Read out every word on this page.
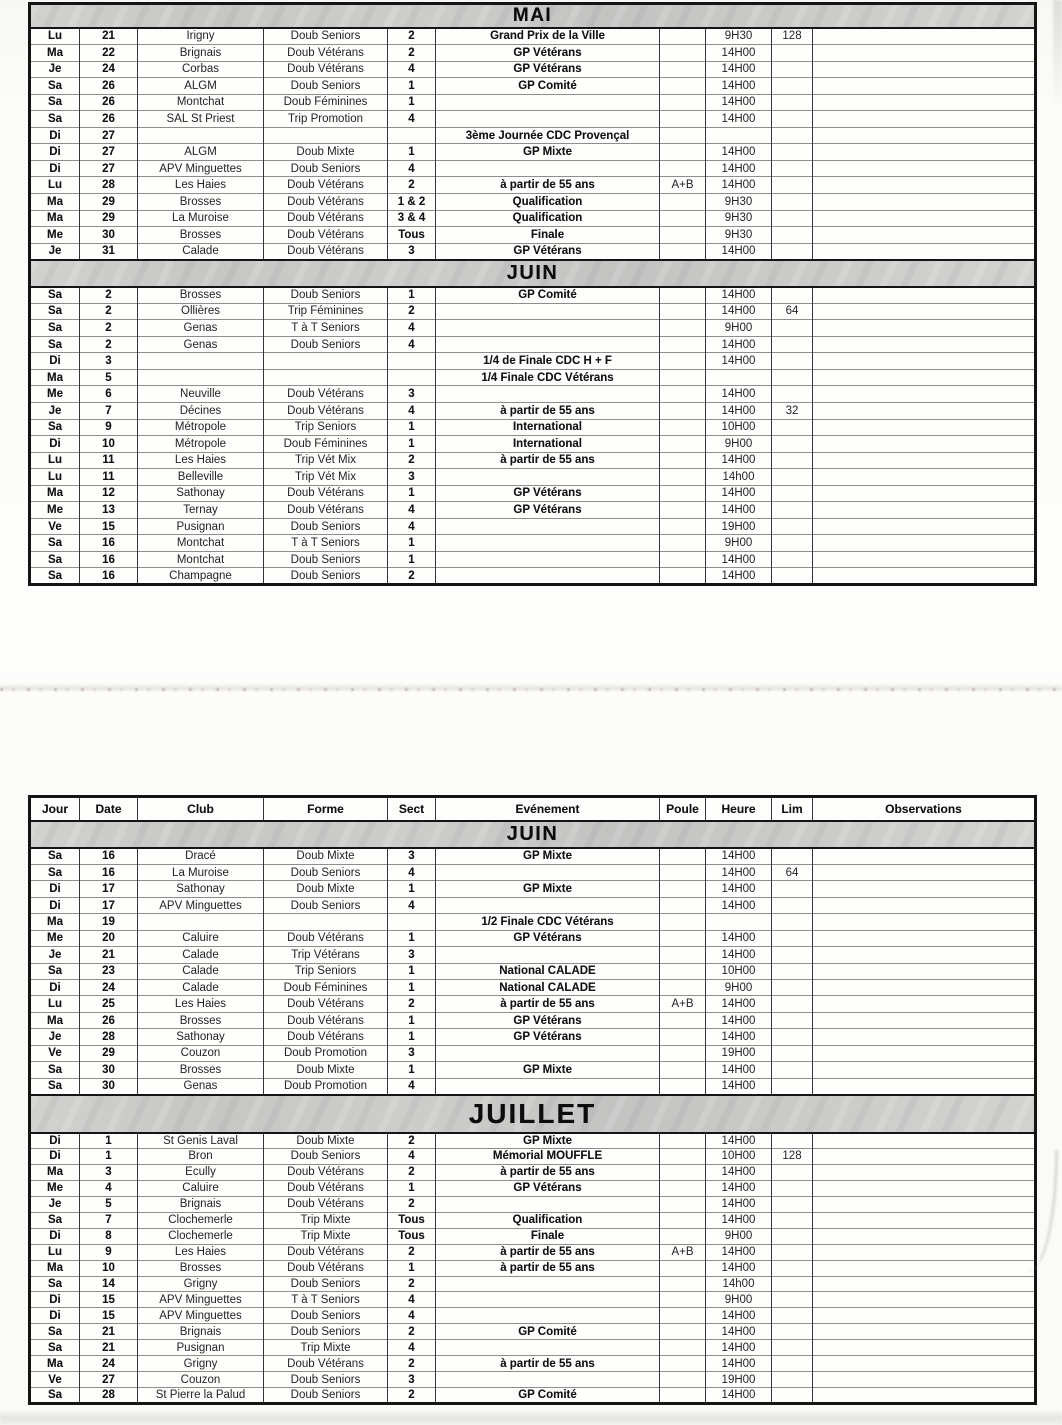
MAI									
Lu	21	Irigny	Doub Seniors	2	Grand Prix de la Ville		9H30	128	
Ma	22	Brignais	Doub Vétérans	2	GP Vétérans		14H00		
Je	24	Corbas	Doub Vétérans	4	GP Vétérans		14H00		
Sa	26	ALGM	Doub Seniors	1	GP Comité		14H00		
Sa	26	Montchat	Doub Féminines	1			14H00		
Sa	26	SAL St Priest	Trip Promotion	4			14H00		
Di	27				3ème Journée CDC Provençal				
Di	27	ALGM	Doub Mixte	1	GP Mixte		14H00		
Di	27	APV Minguettes	Doub Seniors	4			14H00		
Lu	28	Les Haies	Doub Vétérans	2	à partir de 55 ans	A+B	14H00		
Ma	29	Brosses	Doub Vétérans	1 & 2	Qualification		9H30		
Ma	29	La Muroise	Doub Vétérans	3 & 4	Qualification		9H30		
Me	30	Brosses	Doub Vétérans	Tous	Finale		9H30		
Je	31	Calade	Doub Vétérans	3	GP Vétérans		14H00		
JUIN									
Sa	2	Brosses	Doub Seniors	1	GP Comité		14H00		
Sa	2	Ollières	Trip Féminines	2			14H00	64	
Sa	2	Genas	T à T Seniors	4			9H00		
Sa	2	Genas	Doub Seniors	4			14H00		
Di	3				1/4 de Finale CDC H + F		14H00		
Ma	5				1/4 Finale CDC Vétérans				
Me	6	Neuville	Doub Vétérans	3			14H00		
Je	7	Décines	Doub Vétérans	4	à partir de 55 ans		14H00	32	
Sa	9	Métropole	Trip Seniors	1	International		10H00		
Di	10	Métropole	Doub Féminines	1	International		9H00		
Lu	11	Les Haies	Trip Vét Mix	2	à partir de 55 ans		14H00		
Lu	11	Belleville	Trip Vét Mix	3			14h00		
Ma	12	Sathonay	Doub Vétérans	1	GP Vétérans		14H00		
Me	13	Ternay	Doub Vétérans	4	GP Vétérans		14H00		
Ve	15	Pusignan	Doub Seniors	4			19H00		
Sa	16	Montchat	T à T Seniors	1			9H00		
Sa	16	Montchat	Doub Seniors	1			14H00		
Sa	16	Champagne	Doub Seniors	2			14H00		
Jour	Date	Club	Forme	Sect	Evénement	Poule	Heure	Lim	Observations
JUIN									
Sa	16	Dracé	Doub Mixte	3	GP Mixte		14H00		
Sa	16	La Muroise	Doub Seniors	4			14H00	64	
Di	17	Sathonay	Doub Mixte	1	GP Mixte		14H00		
Di	17	APV Minguettes	Doub Seniors	4			14H00		
Ma	19				1/2 Finale CDC Vétérans				
Me	20	Caluire	Doub Vétérans	1	GP Vétérans		14H00		
Je	21	Calade	Trip Vétérans	3			14H00		
Sa	23	Calade	Trip Seniors	1	National CALADE		10H00		
Di	24	Calade	Doub Féminines	1	National CALADE		9H00		
Lu	25	Les Haies	Doub Vétérans	2	à partir de 55 ans	A+B	14H00		
Ma	26	Brosses	Doub Vétérans	1	GP Vétérans		14H00		
Je	28	Sathonay	Doub Vétérans	1	GP Vétérans		14H00		
Ve	29	Couzon	Doub Promotion	3			19H00		
Sa	30	Brosses	Doub Mixte	1	GP Mixte		14H00		
Sa	30	Genas	Doub Promotion	4			14H00		
JUILLET									
Di	1	St Genis Laval	Doub Mixte	2	GP Mixte		14H00		
Di	1	Bron	Doub Seniors	4	Mémorial MOUFFLE		10H00	128	
Ma	3	Ecully	Doub Vétérans	2	à partir de 55 ans		14H00		
Me	4	Caluire	Doub Vétérans	1	GP Vétérans		14H00		
Je	5	Brignais	Doub Vétérans	2			14H00		
Sa	7	Clochemerle	Trip Mixte	Tous	Qualification		14H00		
Di	8	Clochemerle	Trip Mixte	Tous	Finale		9H00		
Lu	9	Les Haies	Doub Vétérans	2	à partir de 55 ans	A+B	14H00		
Ma	10	Brosses	Doub Vétérans	1	à partir de 55 ans		14H00		
Sa	14	Grigny	Doub Seniors	2			14h00		
Di	15	APV Minguettes	T à T Seniors	4			9H00		
Di	15	APV Minguettes	Doub Seniors	4			14H00		
Sa	21	Brignais	Doub Seniors	2	GP Comité		14H00		
Sa	21	Pusignan	Trip Mixte	4			14H00		
Ma	24	Grigny	Doub Vétérans	2	à partir de 55 ans		14H00		
Ve	27	Couzon	Doub Seniors	3			19H00		
Sa	28	St Pierre la Palud	Doub Seniors	2	GP Comité		14H00		
